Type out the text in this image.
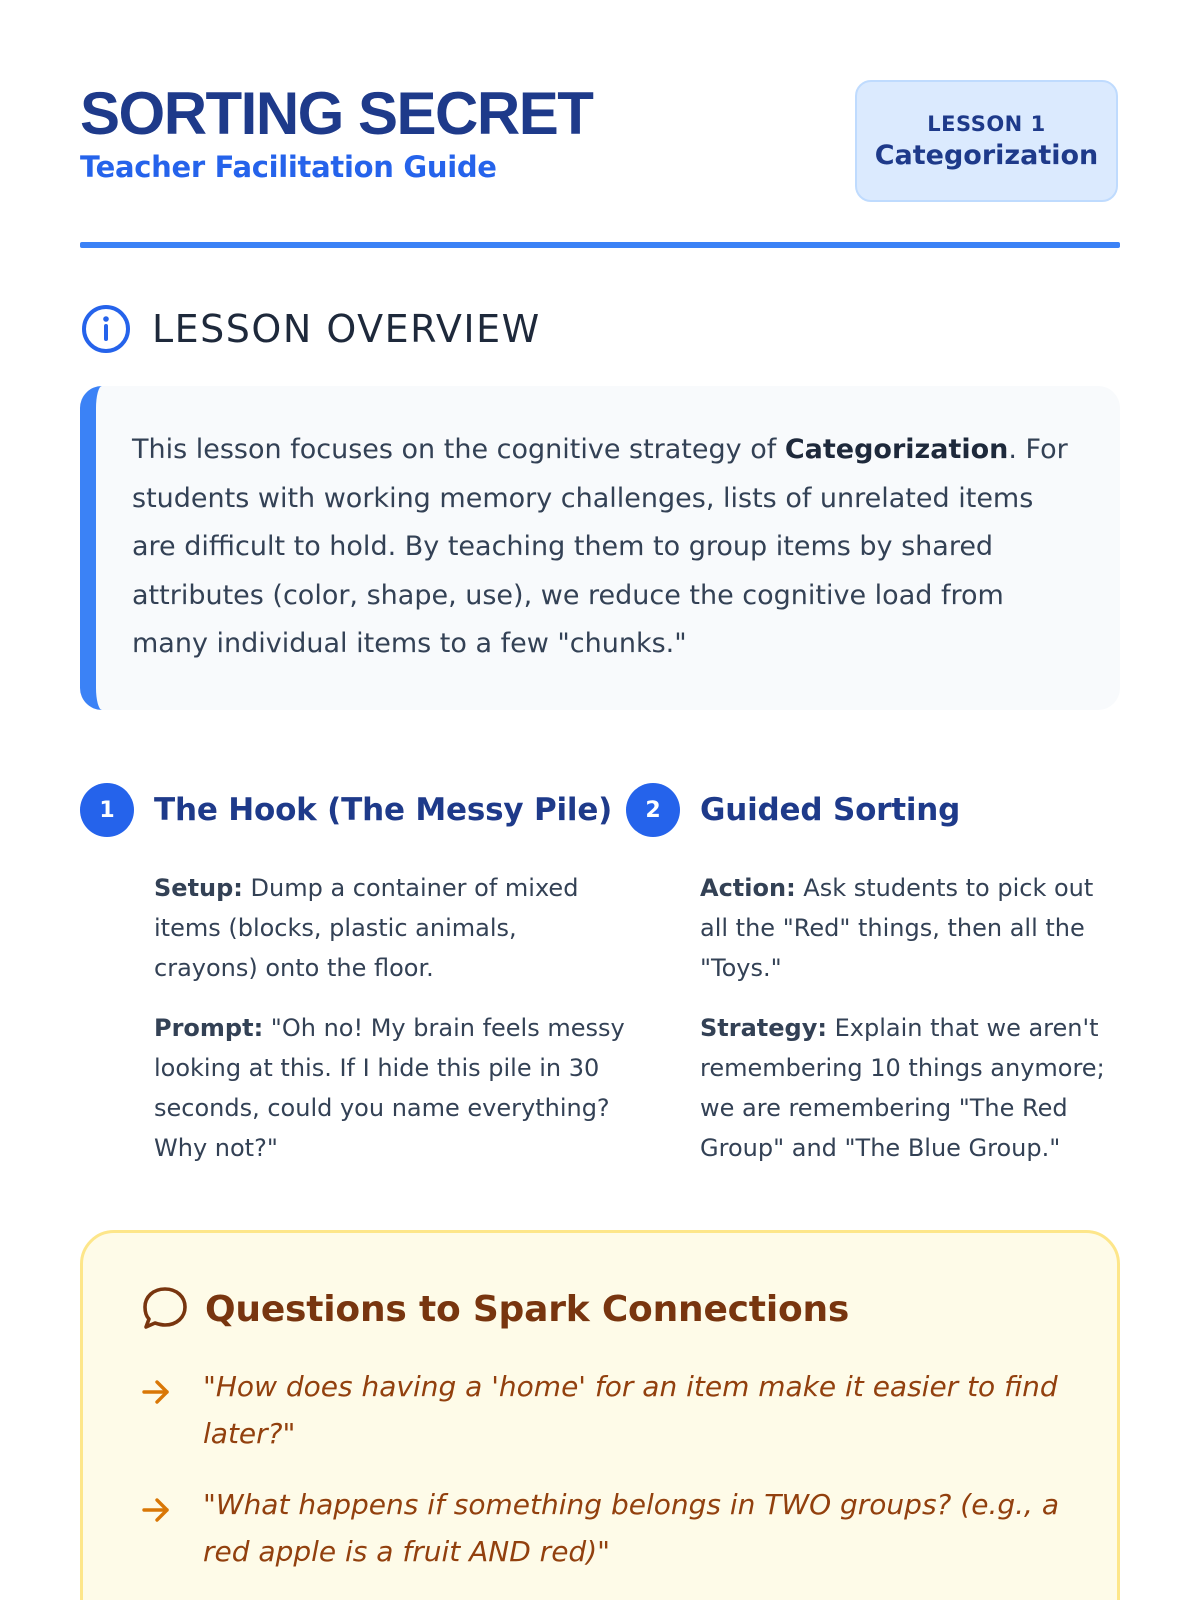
SORTING SECRET
Teacher Facilitation Guide
LESSON 1
Categorization
LESSON OVERVIEW

This lesson focuses on the cognitive strategy of Categorization. For students with working memory challenges, lists of unrelated items are difficult to hold. By teaching them to group items by shared attributes (color, shape, use), we reduce the cognitive load from many individual items to a few "chunks."

1	The Hook (The Messy Pile)

Setup: Dump a container of mixed items (blocks, plastic animals, crayons) onto the floor.

Prompt: "Oh no! My brain feels messy looking at this. If I hide this pile in 30 seconds, could you name everything? Why not?"

2	Guided Sorting

Action: Ask students to pick out all the "Red" things, then all the "Toys."

Strategy: Explain that we aren't remembering 10 things anymore; we are remembering "The Red Group" and "The Blue Group."

Questions to Spark Connections
"How does having a 'home' for an item make it easier to find later?"
"What happens if something belongs in TWO groups? (e.g., a red apple is a fruit AND red)"
